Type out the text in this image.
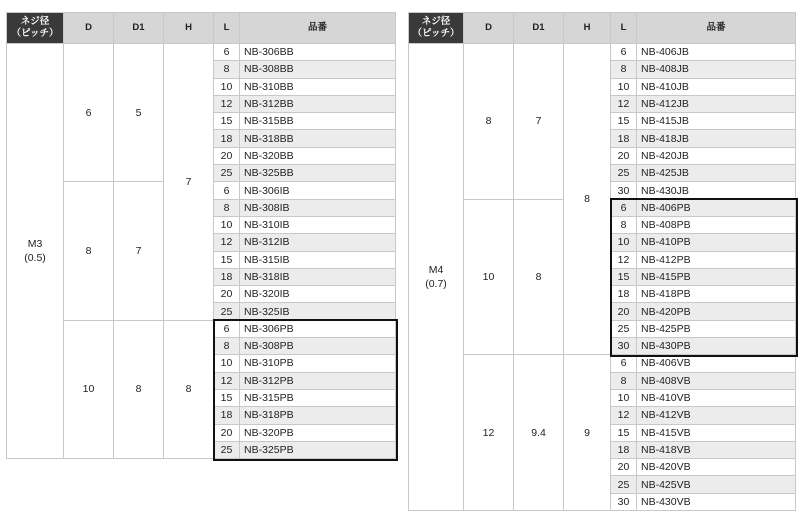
ネジ径
（ピッチ）	D	D1	H	L	品番
M3
(0.5)	6	5	7	6	NB-306BB
				8	NB-308BB
				10	NB-310BB
				12	NB-312BB
				15	NB-315BB
				18	NB-318BB
				20	NB-320BB
				25	NB-325BB
	8	7		6	NB-306IB
				8	NB-308IB
				10	NB-310IB
				12	NB-312IB
				15	NB-315IB
				18	NB-318IB
				20	NB-320IB
				25	NB-325IB
	10	8	8	6	NB-306PB
				8	NB-308PB
				10	NB-310PB
				12	NB-312PB
				15	NB-315PB
				18	NB-318PB
				20	NB-320PB
				25	NB-325PB
ネジ径
（ピッチ）	D	D1	H	L	品番
M4
(0.7)	8	7	8	6	NB-406JB
				8	NB-408JB
				10	NB-410JB
				12	NB-412JB
				15	NB-415JB
				18	NB-418JB
				20	NB-420JB
				25	NB-425JB
				30	NB-430JB
	10	8		6	NB-406PB
				8	NB-408PB
				10	NB-410PB
				12	NB-412PB
				15	NB-415PB
				18	NB-418PB
				20	NB-420PB
				25	NB-425PB
				30	NB-430PB
	12	9.4	9	6	NB-406VB
				8	NB-408VB
				10	NB-410VB
				12	NB-412VB
				15	NB-415VB
				18	NB-418VB
				20	NB-420VB
				25	NB-425VB
				30	NB-430VB
